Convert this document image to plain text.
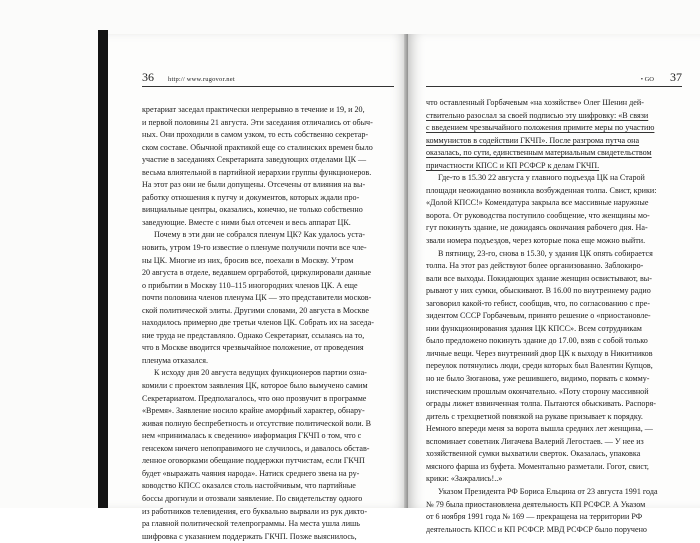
36 http:// www.rugovor.net
кретариат заседал практически непрерывно в течение и 19, и 20,
и первой половины 21 августа. Эти заседания отличались от обыч-
ных. Они проходили в самом узком, то есть собственно секретар-
ском составе. Обычной практикой еще со сталинских времен было
участие в заседаниях Секретариата заведующих отделами ЦК —
весьма влиятельной в партийной иерархии группы функционеров.
На этот раз они не были допущены. Отсечены от влияния на вы-
работку отношения к путчу и документов, которых ждали про-
винциальные центры, оказались, конечно, не только собственно
заведующие. Вместе с ними был отсечен и весь аппарат ЦК.
Почему в эти дни не собрался пленум ЦК? Как удалось уста-
новить, утром 19-го известие о пленуме получили почти все чле-
ны ЦК. Многие из них, бросив все, поехали в Москву. Утром
20 августа в отделе, ведавшем оргработой, циркулировали данные
о прибытии в Москву 110–115 иногородних членов ЦК. А еще
почти половина членов пленума ЦК — это представители москов-
ской политической элиты. Другими словами, 20 августа в Москве
находилось примерно две третьи членов ЦК. Собрать их на заседа-
ние труда не представляло. Однако Секретариат, ссылаясь на то,
что в Москве вводится чрезвычайное положение, от проведения
пленума отказался.
К исходу дня 20 августа ведущих функционеров партии озна-
комили с проектом заявления ЦК, которое было вымучено самим
Секретариатом. Предполагалось, что оно прозвучит в программе
«Время». Заявление носило крайне аморфный характер, обнару-
живая полную беспребетность и отсутствие политической воли. В
нем «принималась к сведению» информация ГКЧП о том, что с
генсеком ничего непоправимого не случилось, и давалось обстав-
ленное оговорками обещание поддержки путчистам, если ГКЧП
будет «выражать чаяния народа». Натиск среднего звена на ру-
ководство КПСС оказался столь настойчивым, что партийные
боссы дрогнули и отозвали заявление. По свидетельству одного
из работников телевидения, его буквально вырвали из рук дикто-
ра главной политической телепрограммы. На места ушла лишь
шифровка с указанием поддержать ГКЧП. Позже выяснилось,
• GO 37
что оставленный Горбачевым «на хозяйстве» Олег Шенин дей-
ствительно разослал за своей подписью эту шифровку: «В связи
с введением чрезвычайного положения примите меры по участию
коммунистов в содействии ГКЧП». После разгрома путча она
оказалась, по сути, единственным материальным свидетельством
причастности КПСС и КП РСФСР к делам ГКЧП.
Где-то в 15.30 22 августа у главного подъезда ЦК на Старой
площади неожиданно возникла возбужденная толпа. Свист, крики:
«Долой КПСС!» Комендатура закрыла все массивные наружные
ворота. От руководства поступило сообщение, что женщины мо-
гут покинуть здание, не дожидаясь окончания рабочего дня. На-
звали номера подъездов, через которые пока еще можно выйти.
В пятницу, 23-го, снова в 15.30, у здания ЦК опять собирается
толпа. На этот раз действуют более организованно. Заблокиро-
вали все выходы. Покидающих здание женщин освистывают, вы-
рывают у них сумки, обыскивают. В 16.00 по внутреннему радио
заговорил какой-то гебист, сообщив, что, по согласованию с пре-
зидентом СССР Горбачевым, принято решение о «приостановле-
нии функционирования здания ЦК КПСС». Всем сотрудникам
было предложено покинуть здание до 17.00, взяв с собой только
личные вещи. Через внутренний двор ЦК к выходу в Никитников
переулок потянулись люди, среди которых был Валентин Купцов,
но не было Зюганова, уже решившего, видимо, порвать с комму-
нистическим прошлым окончательно. «Поту сторону массивной
ограды лижет взвинченная толпа. Пытаются обыскивать. Распоря-
дитель с трехцветной повязкой на рукаве призывает к порядку.
Немного впереди меня за ворота вышла средних лет женщина, —
вспоминает советник Лигачева Валерий Легостаев. — У нее из
хозяйственной сумки выхватили сверток. Оказалась, упаковка
мясного фарша из буфета. Моментально разметали. Гогот, свист,
крики: «Зажрались!..»
Указом Президента РФ Бориса Ельцина от 23 августа 1991 года
№ 79 была приостановлена деятельность КП РСФСР. А Указом
от 6 ноября 1991 года № 169 — прекращена на территории РФ
деятельность КПСС и КП РСФСР. МВД РСФСР было поручено
